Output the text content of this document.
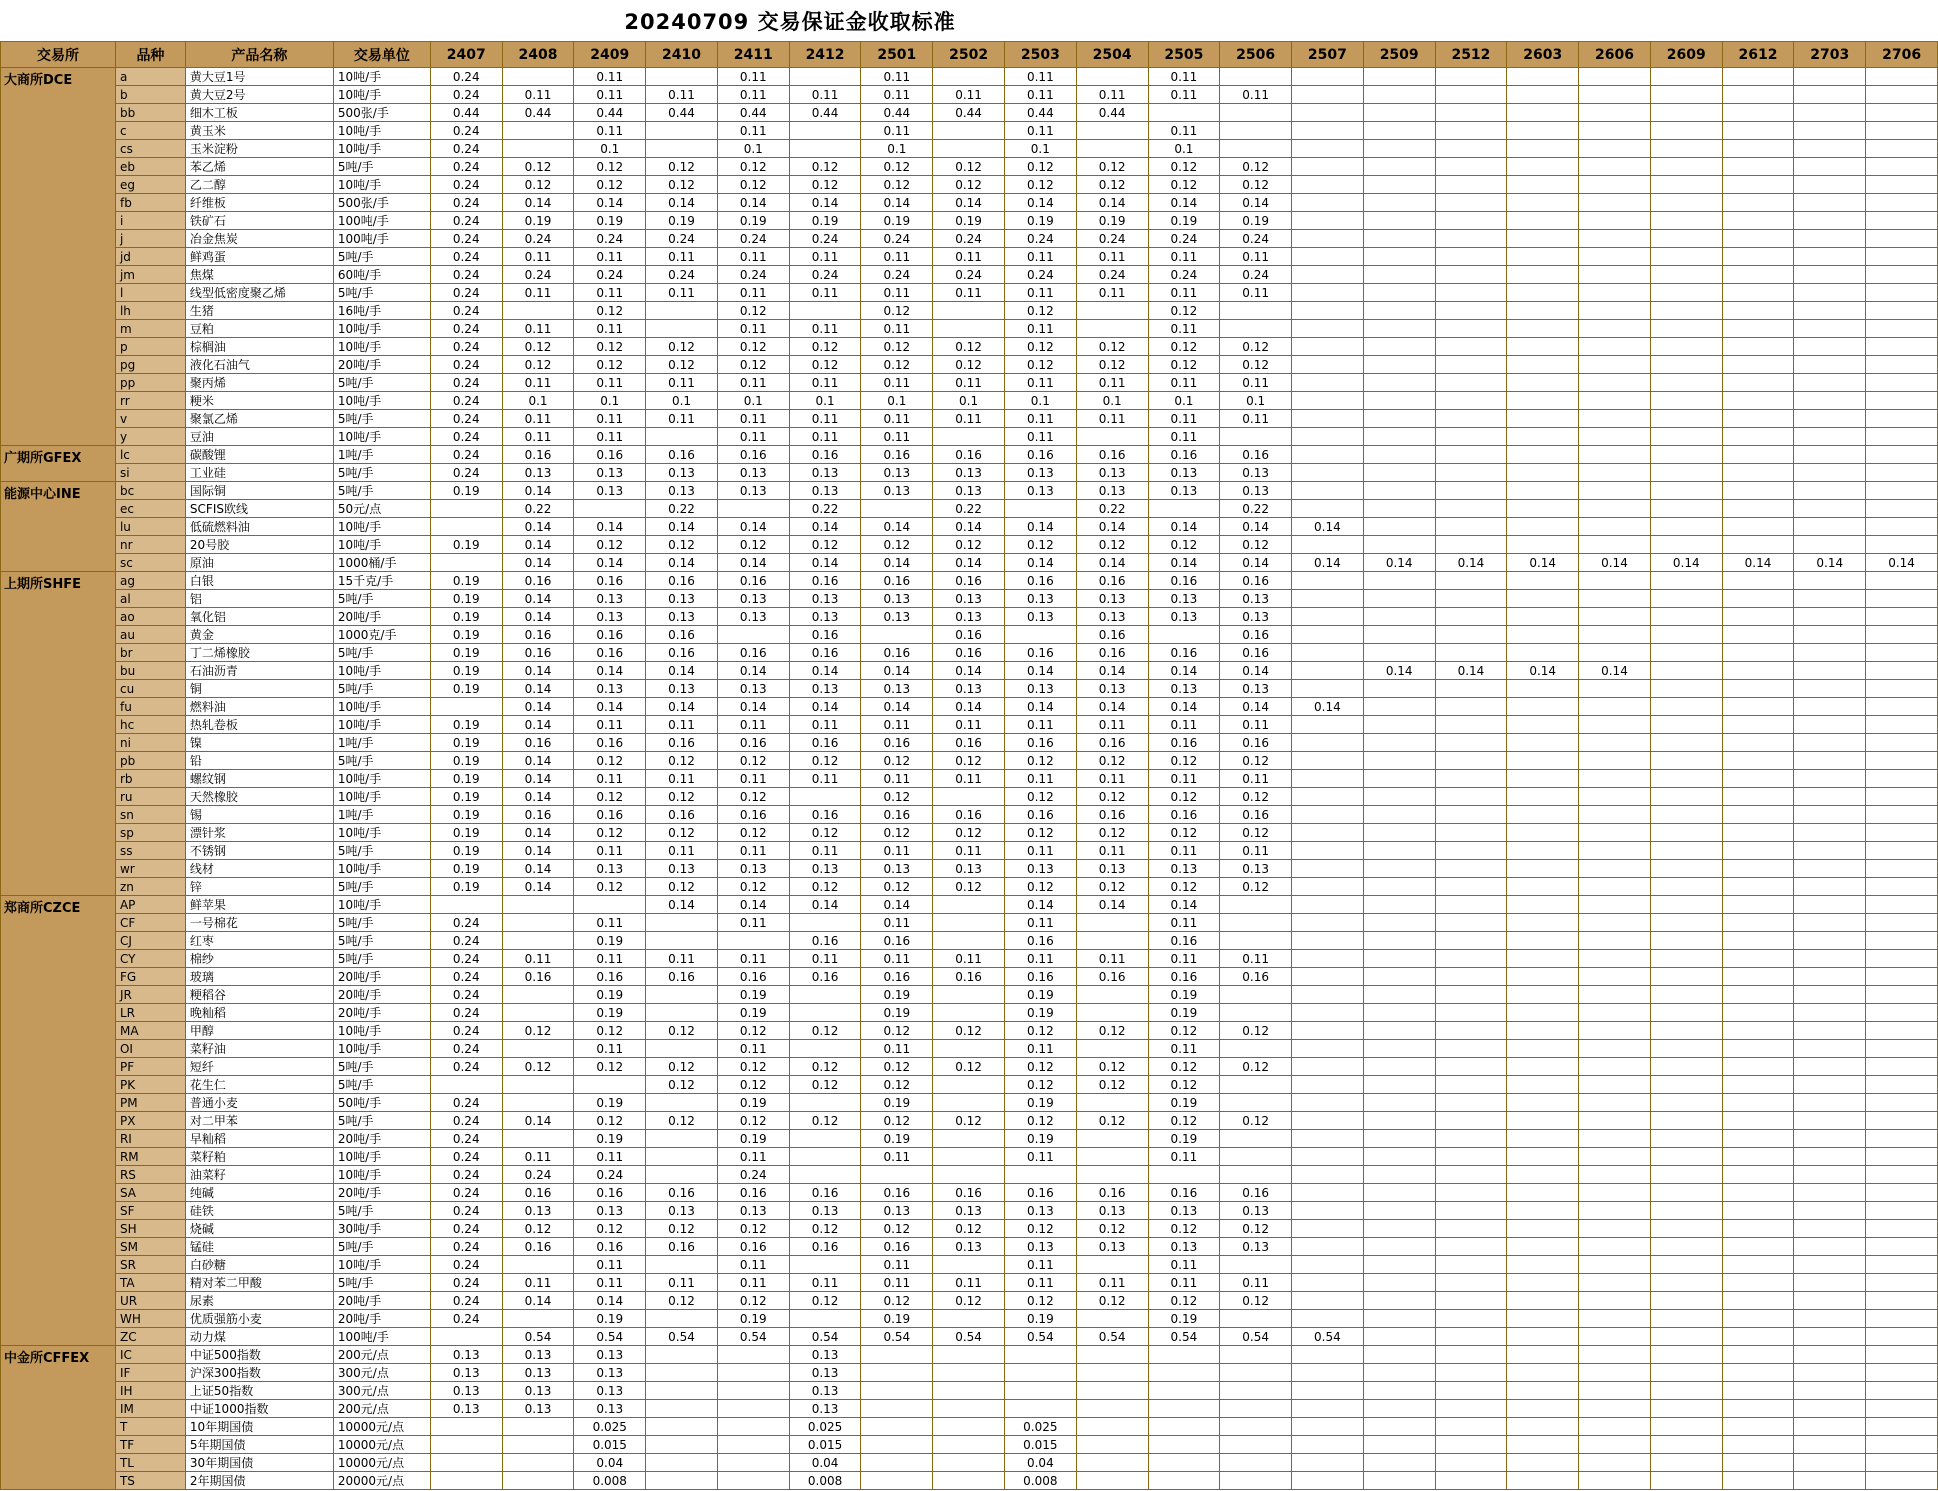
20240709 交易保证金收取标准
交易所	品种	产品名称	交易单位	2407	2408	2409	2410	2411	2412	2501	2502	2503	2504	2505	2506	2507	2509	2512	2603	2606	2609	2612	2703	2706
大商所DCE	a	黄大豆1号	10吨/手	0.24		0.11		0.11		0.11		0.11		0.11										
	b	黄大豆2号	10吨/手	0.24	0.11	0.11	0.11	0.11	0.11	0.11	0.11	0.11	0.11	0.11	0.11									
	bb	细木工板	500张/手	0.44	0.44	0.44	0.44	0.44	0.44	0.44	0.44	0.44	0.44											
	c	黄玉米	10吨/手	0.24		0.11		0.11		0.11		0.11		0.11										
	cs	玉米淀粉	10吨/手	0.24		0.1		0.1		0.1		0.1		0.1										
	eb	苯乙烯	5吨/手	0.24	0.12	0.12	0.12	0.12	0.12	0.12	0.12	0.12	0.12	0.12	0.12									
	eg	乙二醇	10吨/手	0.24	0.12	0.12	0.12	0.12	0.12	0.12	0.12	0.12	0.12	0.12	0.12									
	fb	纤维板	500张/手	0.24	0.14	0.14	0.14	0.14	0.14	0.14	0.14	0.14	0.14	0.14	0.14									
	i	铁矿石	100吨/手	0.24	0.19	0.19	0.19	0.19	0.19	0.19	0.19	0.19	0.19	0.19	0.19									
	j	冶金焦炭	100吨/手	0.24	0.24	0.24	0.24	0.24	0.24	0.24	0.24	0.24	0.24	0.24	0.24									
	jd	鲜鸡蛋	5吨/手	0.24	0.11	0.11	0.11	0.11	0.11	0.11	0.11	0.11	0.11	0.11	0.11									
	jm	焦煤	60吨/手	0.24	0.24	0.24	0.24	0.24	0.24	0.24	0.24	0.24	0.24	0.24	0.24									
	l	线型低密度聚乙烯	5吨/手	0.24	0.11	0.11	0.11	0.11	0.11	0.11	0.11	0.11	0.11	0.11	0.11									
	lh	生猪	16吨/手	0.24		0.12		0.12		0.12		0.12		0.12										
	m	豆粕	10吨/手	0.24	0.11	0.11		0.11	0.11	0.11		0.11		0.11										
	p	棕榈油	10吨/手	0.24	0.12	0.12	0.12	0.12	0.12	0.12	0.12	0.12	0.12	0.12	0.12									
	pg	液化石油气	20吨/手	0.24	0.12	0.12	0.12	0.12	0.12	0.12	0.12	0.12	0.12	0.12	0.12									
	pp	聚丙烯	5吨/手	0.24	0.11	0.11	0.11	0.11	0.11	0.11	0.11	0.11	0.11	0.11	0.11									
	rr	粳米	10吨/手	0.24	0.1	0.1	0.1	0.1	0.1	0.1	0.1	0.1	0.1	0.1	0.1									
	v	聚氯乙烯	5吨/手	0.24	0.11	0.11	0.11	0.11	0.11	0.11	0.11	0.11	0.11	0.11	0.11									
	y	豆油	10吨/手	0.24	0.11	0.11		0.11	0.11	0.11		0.11		0.11										
广期所GFEX	lc	碳酸锂	1吨/手	0.24	0.16	0.16	0.16	0.16	0.16	0.16	0.16	0.16	0.16	0.16	0.16									
	si	工业硅	5吨/手	0.24	0.13	0.13	0.13	0.13	0.13	0.13	0.13	0.13	0.13	0.13	0.13									
能源中心INE	bc	国际铜	5吨/手	0.19	0.14	0.13	0.13	0.13	0.13	0.13	0.13	0.13	0.13	0.13	0.13									
	ec	SCFIS欧线	50元/点		0.22		0.22		0.22		0.22		0.22		0.22									
	lu	低硫燃料油	10吨/手		0.14	0.14	0.14	0.14	0.14	0.14	0.14	0.14	0.14	0.14	0.14	0.14								
	nr	20号胶	10吨/手	0.19	0.14	0.12	0.12	0.12	0.12	0.12	0.12	0.12	0.12	0.12	0.12									
	sc	原油	1000桶/手		0.14	0.14	0.14	0.14	0.14	0.14	0.14	0.14	0.14	0.14	0.14	0.14	0.14	0.14	0.14	0.14	0.14	0.14	0.14	0.14
上期所SHFE	ag	白银	15千克/手	0.19	0.16	0.16	0.16	0.16	0.16	0.16	0.16	0.16	0.16	0.16	0.16									
	al	铝	5吨/手	0.19	0.14	0.13	0.13	0.13	0.13	0.13	0.13	0.13	0.13	0.13	0.13									
	ao	氧化铝	20吨/手	0.19	0.14	0.13	0.13	0.13	0.13	0.13	0.13	0.13	0.13	0.13	0.13									
	au	黄金	1000克/手	0.19	0.16	0.16	0.16		0.16		0.16		0.16		0.16									
	br	丁二烯橡胶	5吨/手	0.19	0.16	0.16	0.16	0.16	0.16	0.16	0.16	0.16	0.16	0.16	0.16									
	bu	石油沥青	10吨/手	0.19	0.14	0.14	0.14	0.14	0.14	0.14	0.14	0.14	0.14	0.14	0.14		0.14	0.14	0.14	0.14				
	cu	铜	5吨/手	0.19	0.14	0.13	0.13	0.13	0.13	0.13	0.13	0.13	0.13	0.13	0.13									
	fu	燃料油	10吨/手		0.14	0.14	0.14	0.14	0.14	0.14	0.14	0.14	0.14	0.14	0.14	0.14								
	hc	热轧卷板	10吨/手	0.19	0.14	0.11	0.11	0.11	0.11	0.11	0.11	0.11	0.11	0.11	0.11									
	ni	镍	1吨/手	0.19	0.16	0.16	0.16	0.16	0.16	0.16	0.16	0.16	0.16	0.16	0.16									
	pb	铅	5吨/手	0.19	0.14	0.12	0.12	0.12	0.12	0.12	0.12	0.12	0.12	0.12	0.12									
	rb	螺纹钢	10吨/手	0.19	0.14	0.11	0.11	0.11	0.11	0.11	0.11	0.11	0.11	0.11	0.11									
	ru	天然橡胶	10吨/手	0.19	0.14	0.12	0.12	0.12		0.12		0.12	0.12	0.12	0.12									
	sn	锡	1吨/手	0.19	0.16	0.16	0.16	0.16	0.16	0.16	0.16	0.16	0.16	0.16	0.16									
	sp	漂针浆	10吨/手	0.19	0.14	0.12	0.12	0.12	0.12	0.12	0.12	0.12	0.12	0.12	0.12									
	ss	不锈钢	5吨/手	0.19	0.14	0.11	0.11	0.11	0.11	0.11	0.11	0.11	0.11	0.11	0.11									
	wr	线材	10吨/手	0.19	0.14	0.13	0.13	0.13	0.13	0.13	0.13	0.13	0.13	0.13	0.13									
	zn	锌	5吨/手	0.19	0.14	0.12	0.12	0.12	0.12	0.12	0.12	0.12	0.12	0.12	0.12									
郑商所CZCE	AP	鲜苹果	10吨/手				0.14	0.14	0.14	0.14		0.14	0.14	0.14										
	CF	一号棉花	5吨/手	0.24		0.11		0.11		0.11		0.11		0.11										
	CJ	红枣	5吨/手	0.24		0.19			0.16	0.16		0.16		0.16										
	CY	棉纱	5吨/手	0.24	0.11	0.11	0.11	0.11	0.11	0.11	0.11	0.11	0.11	0.11	0.11									
	FG	玻璃	20吨/手	0.24	0.16	0.16	0.16	0.16	0.16	0.16	0.16	0.16	0.16	0.16	0.16									
	JR	粳稻谷	20吨/手	0.24		0.19		0.19		0.19		0.19		0.19										
	LR	晚籼稻	20吨/手	0.24		0.19		0.19		0.19		0.19		0.19										
	MA	甲醇	10吨/手	0.24	0.12	0.12	0.12	0.12	0.12	0.12	0.12	0.12	0.12	0.12	0.12									
	OI	菜籽油	10吨/手	0.24		0.11		0.11		0.11		0.11		0.11										
	PF	短纤	5吨/手	0.24	0.12	0.12	0.12	0.12	0.12	0.12	0.12	0.12	0.12	0.12	0.12									
	PK	花生仁	5吨/手				0.12	0.12	0.12	0.12		0.12	0.12	0.12										
	PM	普通小麦	50吨/手	0.24		0.19		0.19		0.19		0.19		0.19										
	PX	对二甲苯	5吨/手	0.24	0.14	0.12	0.12	0.12	0.12	0.12	0.12	0.12	0.12	0.12	0.12									
	RI	早籼稻	20吨/手	0.24		0.19		0.19		0.19		0.19		0.19										
	RM	菜籽粕	10吨/手	0.24	0.11	0.11		0.11		0.11		0.11		0.11										
	RS	油菜籽	10吨/手	0.24	0.24	0.24		0.24																
	SA	纯碱	20吨/手	0.24	0.16	0.16	0.16	0.16	0.16	0.16	0.16	0.16	0.16	0.16	0.16									
	SF	硅铁	5吨/手	0.24	0.13	0.13	0.13	0.13	0.13	0.13	0.13	0.13	0.13	0.13	0.13									
	SH	烧碱	30吨/手	0.24	0.12	0.12	0.12	0.12	0.12	0.12	0.12	0.12	0.12	0.12	0.12									
	SM	锰硅	5吨/手	0.24	0.16	0.16	0.16	0.16	0.16	0.16	0.13	0.13	0.13	0.13	0.13									
	SR	白砂糖	10吨/手	0.24		0.11		0.11		0.11		0.11		0.11										
	TA	精对苯二甲酸	5吨/手	0.24	0.11	0.11	0.11	0.11	0.11	0.11	0.11	0.11	0.11	0.11	0.11									
	UR	尿素	20吨/手	0.24	0.14	0.14	0.12	0.12	0.12	0.12	0.12	0.12	0.12	0.12	0.12									
	WH	优质强筋小麦	20吨/手	0.24		0.19		0.19		0.19		0.19		0.19										
	ZC	动力煤	100吨/手		0.54	0.54	0.54	0.54	0.54	0.54	0.54	0.54	0.54	0.54	0.54	0.54								
中金所CFFEX	IC	中证500指数	200元/点	0.13	0.13	0.13			0.13															
	IF	沪深300指数	300元/点	0.13	0.13	0.13			0.13															
	IH	上证50指数	300元/点	0.13	0.13	0.13			0.13															
	IM	中证1000指数	200元/点	0.13	0.13	0.13			0.13															
	T	10年期国债	10000元/点			0.025			0.025			0.025												
	TF	5年期国债	10000元/点			0.015			0.015			0.015												
	TL	30年期国债	10000元/点			0.04			0.04			0.04												
	TS	2年期国债	20000元/点			0.008			0.008			0.008												
